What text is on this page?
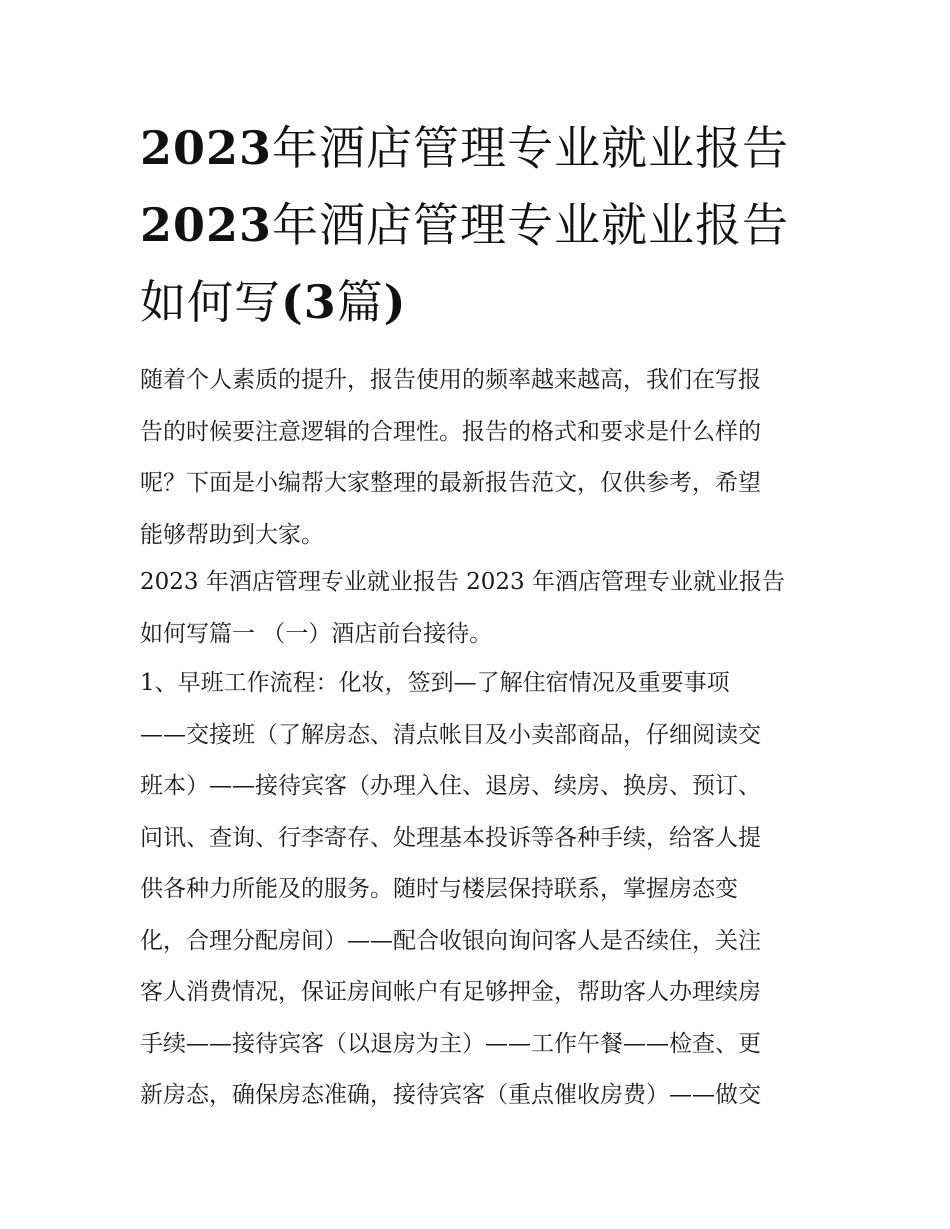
2023年酒店管理专业就业报告
2023年酒店管理专业就业报告
如何写(3篇)
随着个人素质的提升，报告使用的频率越来越高，我们在写报
告的时候要注意逻辑的合理性。报告的格式和要求是什么样的
呢？下面是小编帮大家整理的最新报告范文，仅供参考，希望
能够帮助到大家。
2023 年酒店管理专业就业报告 2023 年酒店管理专业就业报告
如何写篇一 （一）酒店前台接待。
1、早班工作流程：化妆，签到—了解住宿情况及重要事项
——交接班（了解房态、清点帐目及小卖部商品，仔细阅读交
班本）——接待宾客（办理入住、退房、续房、换房、预订、
问讯、查询、行李寄存、处理基本投诉等各种手续，给客人提
供各种力所能及的服务。随时与楼层保持联系，掌握房态变
化，合理分配房间）——配合收银向询问客人是否续住，关注
客人消费情况，保证房间帐户有足够押金，帮助客人办理续房
手续——接待宾客（以退房为主）——工作午餐——检查、更
新房态，确保房态准确，接待宾客（重点催收房费）——做交
